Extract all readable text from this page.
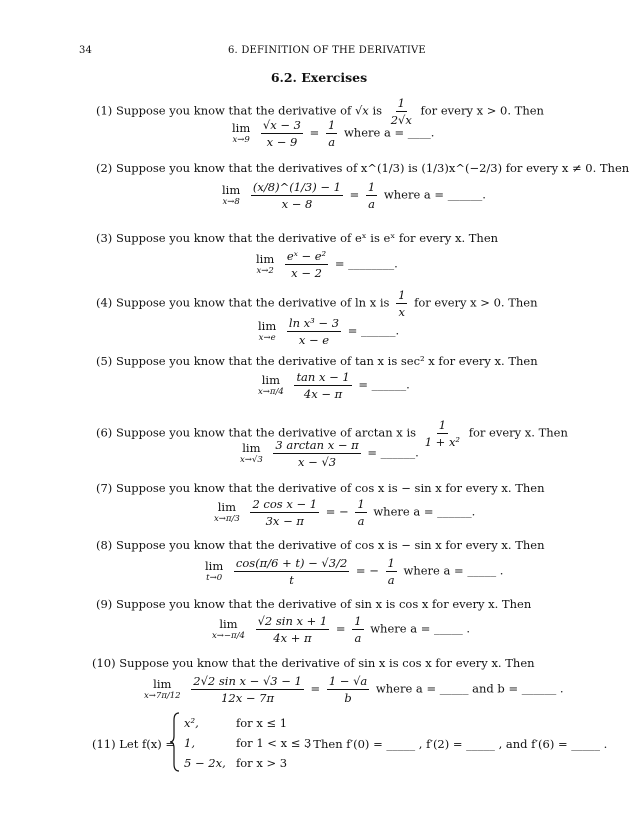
34	6. DEFINITION OF THE DERIVATIVE
6.2. Exercises
(1) Suppose you know that the derivative of √x is $\frac{1}{2√x}$ for every x > 0. Then
lim
x→9
$\frac{√x - 3}{x - 9} = \frac{1}{a}$ where a = ____.
(2) Suppose you know that the derivatives of x^(1/3) is (1/3)x^(−2/3) for every x ≠ 0. Then
lim
x→8
$\frac{(x/8)\^{}(1/3) - 1}{x - 8} = \frac{1}{a}$ where a = ______.
(3) Suppose you know that the derivative of eˣ is eˣ for every x. Then
lim
x→2
$\frac{\text{eˣ − e²}}{x - 2}$ = ________.
(4) Suppose you know that the derivative of ln x is $\frac{1}{x}$ for every x > 0. Then
lim
x→e
$\frac{\text{ln x³ − 3}}{x - e}$ = ______.
(5) Suppose you know that the derivative of tan x is sec² x for every x. Then
lim
x→π/4
$\frac{\text{tan x − 1}}{4x - \pi}$ = ______.
(6) Suppose you know that the derivative of arctan x is $\frac{1}{\text{1 + x²}}$ for every x. Then
lim
x→√3
$\frac{\text{3 arctan x − π}}{x - √3}$ = ______.
(7) Suppose you know that the derivative of cos x is − sin x for every x. Then
lim
x→π/3
$\frac{\text{2 cos x − 1}}{3x - \pi}$ = − $\frac{1}{a}$ where a = ______.
(8) Suppose you know that the derivative of cos x is − sin x for every x. Then
lim
t→0
$\frac{\cos(\pi/6 + t) - √3/2}{t}$ = − $\frac{1}{a}$ where a = _____ .
(9) Suppose you know that the derivative of sin x is cos x for every x. Then
lim
x→−π/4
$\frac{\text{√2 sin x + 1}}{4x + \pi} = \frac{1}{a}$ where a = _____ .
(10) Suppose you know that the derivative of sin x is cos x for every x. Then
lim
x→7π/12
$\frac{\text{2√2 sin x − √3 − 1}}{12x - 7\pi} = \frac{1 - √a}{b}$ where a = _____ and b = ______ .
(11) Let f(x) =
x²,	for x ≤ 1
1,	for 1 < x ≤ 3
5 − 2x, for x > 3
. Then f′(0) = _____ , f′(2) = _____ , and f′(6) = _____ .
